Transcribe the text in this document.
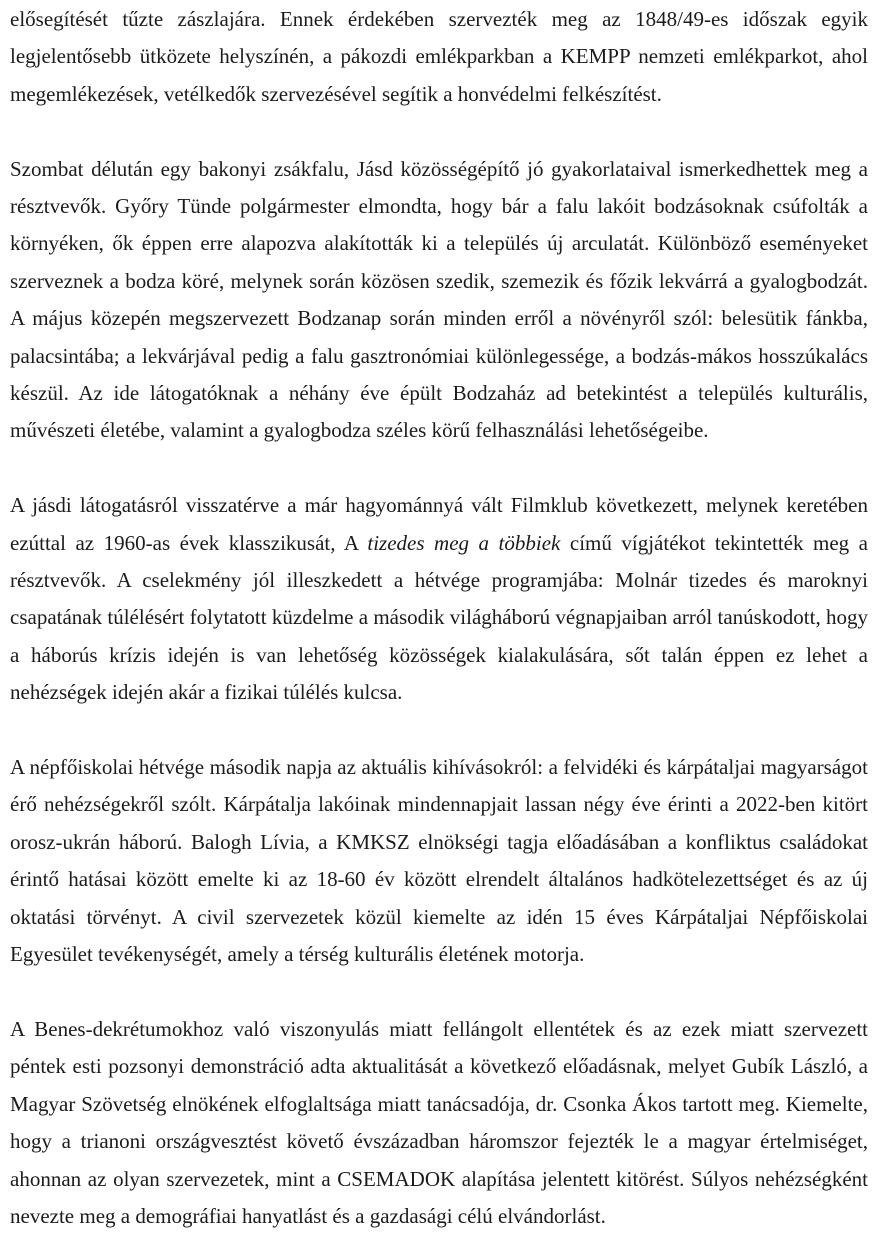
elősegítését tűzte zászlajára. Ennek érdekében szervezték meg az 1848/49-es időszak egyik legjelentősebb ütközete helyszínén, a pákozdi emlékparkban a KEMPP nemzeti emlékparkot, ahol megemlékezések, vetélkedők szervezésével segítik a honvédelmi felkészítést.

Szombat délután egy bakonyi zsákfalu, Jásd közösségépítő jó gyakorlataival ismerkedhettek meg a résztvevők. Győry Tünde polgármester elmondta, hogy bár a falu lakóit bodzásoknak csúfolták a környéken, ők éppen erre alapozva alakították ki a település új arculatát. Különböző eseményeket szerveznek a bodza köré, melynek során közösen szedik, szemezik és főzik lekvárrá a gyalogbodzát. A május közepén megszervezett Bodzanap során minden erről a növényről szól: belesütik fánkba, palacsintába; a lekvárjával pedig a falu gasztronómiai különlegessége, a bodzás-mákos hosszúkalács készül. Az ide látogatóknak a néhány éve épült Bodzaház ad betekintést a település kulturális, művészeti életébe, valamint a gyalogbodza széles körű felhasználási lehetőségeibe.

A jásdi látogatásról visszatérve a már hagyománnyá vált Filmklub következett, melynek keretében ezúttal az 1960-as évek klasszikusát, A tizedes meg a többiek című vígjátékot tekintették meg a résztvevők. A cselekmény jól illeszkedett a hétvége programjába: Molnár tizedes és maroknyi csapatának túlélésért folytatott küzdelme a második világháború végnapjaiban arról tanúskodott, hogy a háborús krízis idején is van lehetőség közösségek kialakulására, sőt talán éppen ez lehet a nehézségek idején akár a fizikai túlélés kulcsa.

A népfőiskolai hétvége második napja az aktuális kihívásokról: a felvidéki és kárpátaljai magyarságot érő nehézségekről szólt. Kárpátalja lakóinak mindennapjait lassan négy éve érinti a 2022-ben kitört orosz-ukrán háború. Balogh Lívia, a KMKSZ elnökségi tagja előadásában a konfliktus családokat érintő hatásai között emelte ki az 18-60 év között elrendelt általános hadkötelezettséget és az új oktatási törvényt. A civil szervezetek közül kiemelte az idén 15 éves Kárpátaljai Népfőiskolai Egyesület tevékenységét, amely a térség kulturális életének motorja.

A Benes-dekrétumokhoz való viszonyulás miatt fellángolt ellentétek és az ezek miatt szervezett péntek esti pozsonyi demonstráció adta aktualitását a következő előadásnak, melyet Gubík László, a Magyar Szövetség elnökének elfoglaltsága miatt tanácsadója, dr. Csonka Ákos tartott meg. Kiemelte, hogy a trianoni országvesztést követő évszázadban háromszor fejezték le a magyar értelmiséget, ahonnan az olyan szervezetek, mint a CSEMADOK alapítása jelentett kitörést. Súlyos nehézségként nevezte meg a demográfiai hanyatlást és a gazdasági célú elvándorlást.
